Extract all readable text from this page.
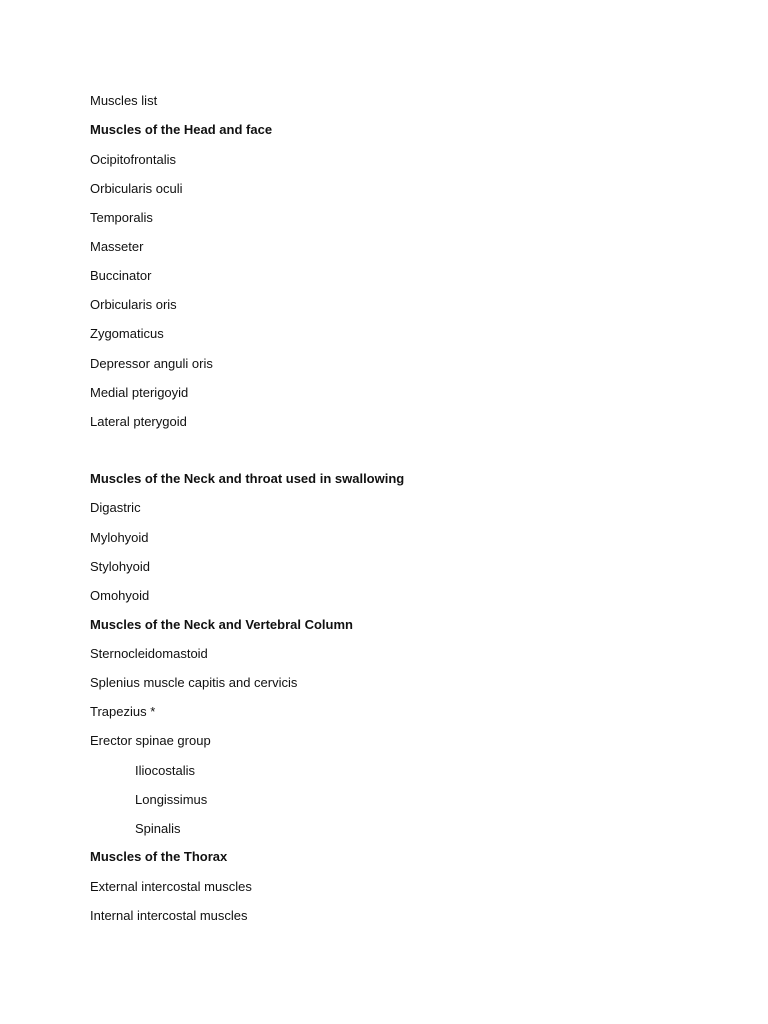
Muscles list
Muscles of the Head and face
Ocipitofrontalis
Orbicularis oculi
Temporalis
Masseter
Buccinator
Orbicularis oris
Zygomaticus
Depressor anguli oris
Medial pterigoyid
Lateral pterygoid
Muscles of the Neck and throat used in swallowing
Digastric
Mylohyoid
Stylohyoid
Omohyoid
Muscles of the Neck and Vertebral Column
Sternocleidomastoid
Splenius muscle capitis and cervicis
Trapezius *
Erector spinae group
Iliocostalis
Longissimus
Spinalis
Muscles of the Thorax
External intercostal muscles
Internal intercostal muscles
